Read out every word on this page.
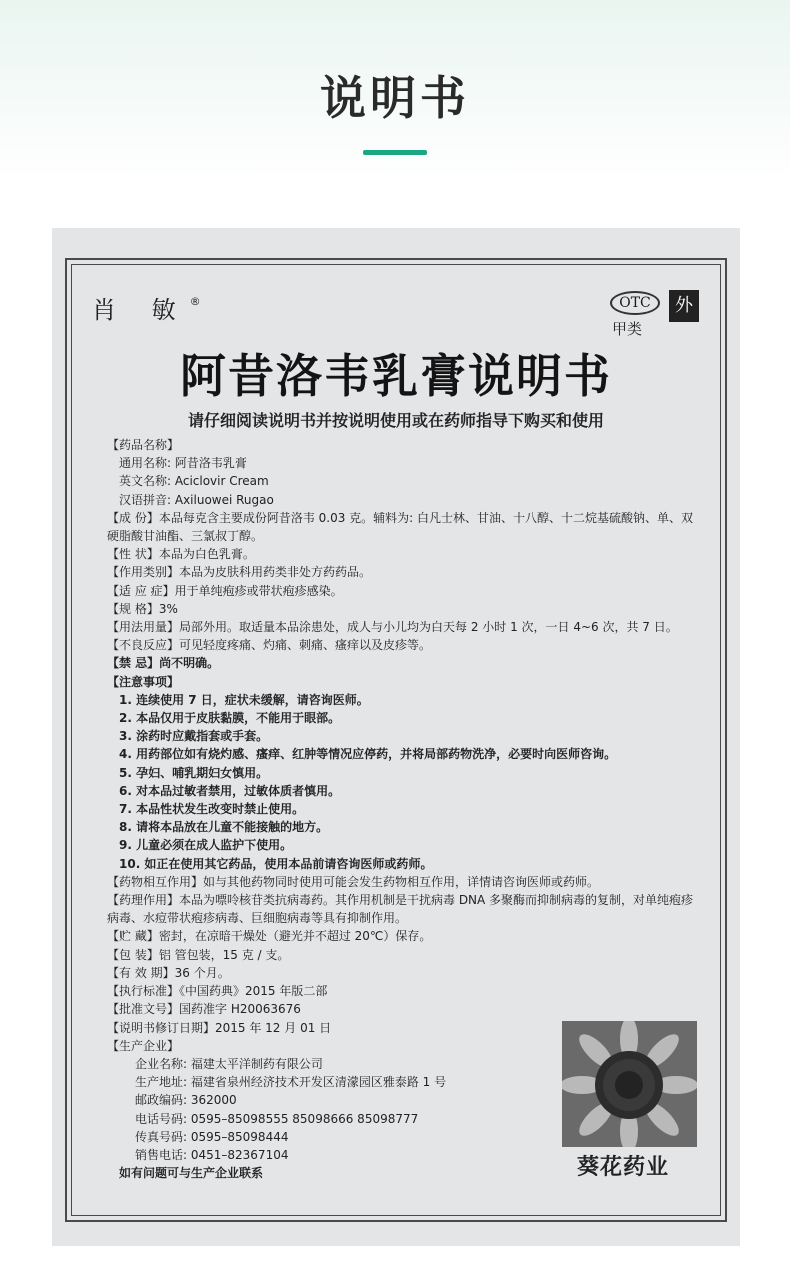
说明书
肖 敏®	OTC
甲类
外
阿昔洛韦乳膏说明书
请仔细阅读说明书并按说明使用或在药师指导下购买和使用
【药品名称】
通用名称: 阿昔洛韦乳膏
英文名称: Aciclovir Cream
汉语拼音: Axiluowei Rugao
【成 份】本品每克含主要成份阿昔洛韦 0.03 克。辅料为: 白凡士林、甘油、十八醇、十二烷基硫酸钠、单、双硬脂酸甘油酯、三氯叔丁醇。
【性 状】本品为白色乳膏。
【作用类别】本品为皮肤科用药类非处方药药品。
【适 应 症】用于单纯疱疹或带状疱疹感染。
【规 格】3%
【用法用量】局部外用。取适量本品涂患处，成人与小儿均为白天每 2 小时 1 次，一日 4~6 次，共 7 日。
【不良反应】可见轻度疼痛、灼痛、刺痛、瘙痒以及皮疹等。
【禁 忌】尚不明确。
【注意事项】
1. 连续使用 7 日，症状未缓解，请咨询医师。
2. 本品仅用于皮肤黏膜，不能用于眼部。
3. 涂药时应戴指套或手套。
4. 用药部位如有烧灼感、瘙痒、红肿等情况应停药，并将局部药物洗净，必要时向医师咨询。
5. 孕妇、哺乳期妇女慎用。
6. 对本品过敏者禁用，过敏体质者慎用。
7. 本品性状发生改变时禁止使用。
8. 请将本品放在儿童不能接触的地方。
9. 儿童必须在成人监护下使用。
10. 如正在使用其它药品，使用本品前请咨询医师或药师。
【药物相互作用】如与其他药物同时使用可能会发生药物相互作用，详情请咨询医师或药师。
【药理作用】本品为嘌呤核苷类抗病毒药。其作用机制是干扰病毒 DNA 多聚酶而抑制病毒的复制，对单纯疱疹病毒、水痘带状疱疹病毒、巨细胞病毒等具有抑制作用。
【贮 藏】密封，在凉暗干燥处（避光并不超过 20℃）保存。
【包 装】铝 管包装，15 克 / 支。
【有 效 期】36 个月。
【执行标准】《中国药典》2015 年版二部
【批准文号】国药准字 H20063676
【说明书修订日期】2015 年 12 月 01 日
【生产企业】
企业名称: 福建太平洋制药有限公司
生产地址: 福建省泉州经济技术开发区清濛园区雅泰路 1 号
邮政编码: 362000
电话号码: 0595–85098555 85098666 85098777
传真号码: 0595–85098444
销售电话: 0451–82367104
如有问题可与生产企业联系	葵花药业
